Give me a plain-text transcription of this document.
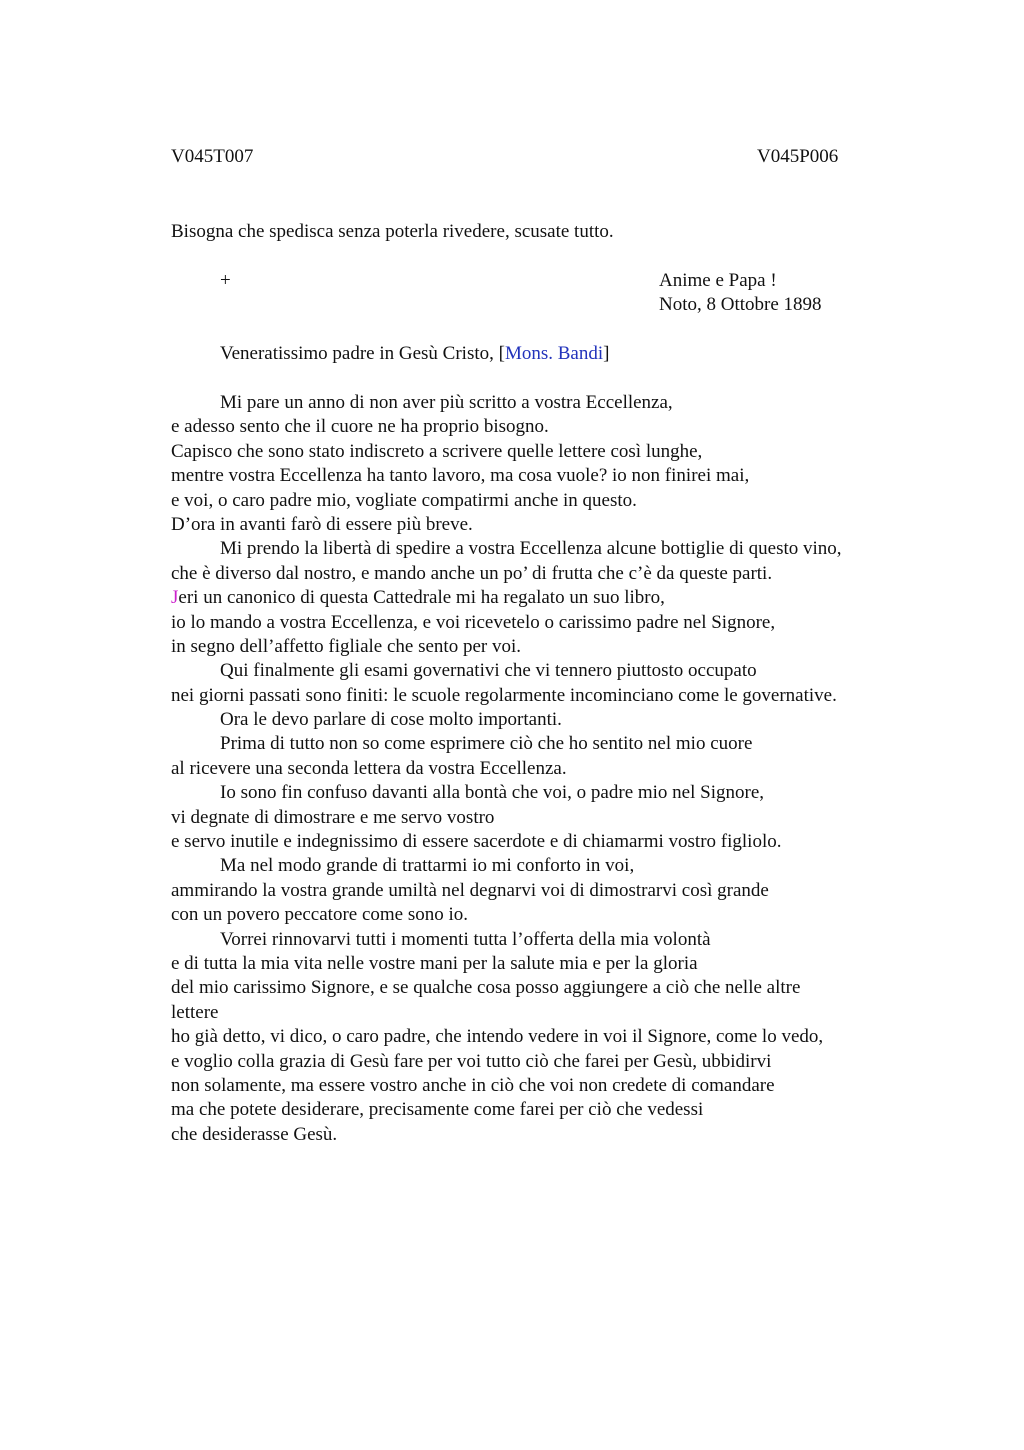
V045T007	V045P006
Bisogna che spedisca senza poterla rivedere, scusate tutto.
+	Anime e Papa !
Noto, 8 Ottobre 1898
Veneratissimo padre in Gesù Cristo, [Mons. Bandi]
Mi pare un anno di non aver più scritto a vostra Eccellenza,
e adesso sento che il cuore ne ha proprio bisogno.
Capisco che sono stato indiscreto a scrivere quelle lettere così lunghe,
mentre vostra Eccellenza ha tanto lavoro, ma cosa vuole? io non finirei mai,
e voi, o caro padre mio, vogliate compatirmi anche in questo.
D’ora in avanti farò di essere più breve.
Mi prendo la libertà di spedire a vostra Eccellenza alcune bottiglie di questo vino,
che è diverso dal nostro, e mando anche un po’ di frutta che c’è da queste parti.
Jeri un canonico di questa Cattedrale mi ha regalato un suo libro,
io lo mando a vostra Eccellenza, e voi ricevetelo o carissimo padre nel Signore,
in segno dell’affetto figliale che sento per voi.
Qui finalmente gli esami governativi che vi tennero piuttosto occupato
nei giorni passati sono finiti: le scuole regolarmente incominciano come le governative.
Ora le devo parlare di cose molto importanti.
Prima di tutto non so come esprimere ciò che ho sentito nel mio cuore
al ricevere una seconda lettera da vostra Eccellenza.
Io sono fin confuso davanti alla bontà che voi, o padre mio nel Signore,
vi degnate di dimostrare e me servo vostro
e servo inutile e indegnissimo di essere sacerdote e di chiamarmi vostro figliolo.
Ma nel modo grande di trattarmi io mi conforto in voi,
ammirando la vostra grande umiltà nel degnarvi voi di dimostrarvi così grande
con un povero peccatore come sono io.
Vorrei rinnovarvi tutti i momenti tutta l’offerta della mia volontà
e di tutta la mia vita nelle vostre mani per la salute mia e per la gloria
del mio carissimo Signore, e se qualche cosa posso aggiungere a ciò che nelle altre
lettere
ho già detto, vi dico, o caro padre, che intendo vedere in voi il Signore, come lo vedo,
e voglio colla grazia di Gesù fare per voi tutto ciò che farei per Gesù, ubbidirvi
non solamente, ma essere vostro anche in ciò che voi non credete di comandare
ma che potete desiderare, precisamente come farei per ciò che vedessi
che desiderasse Gesù.
